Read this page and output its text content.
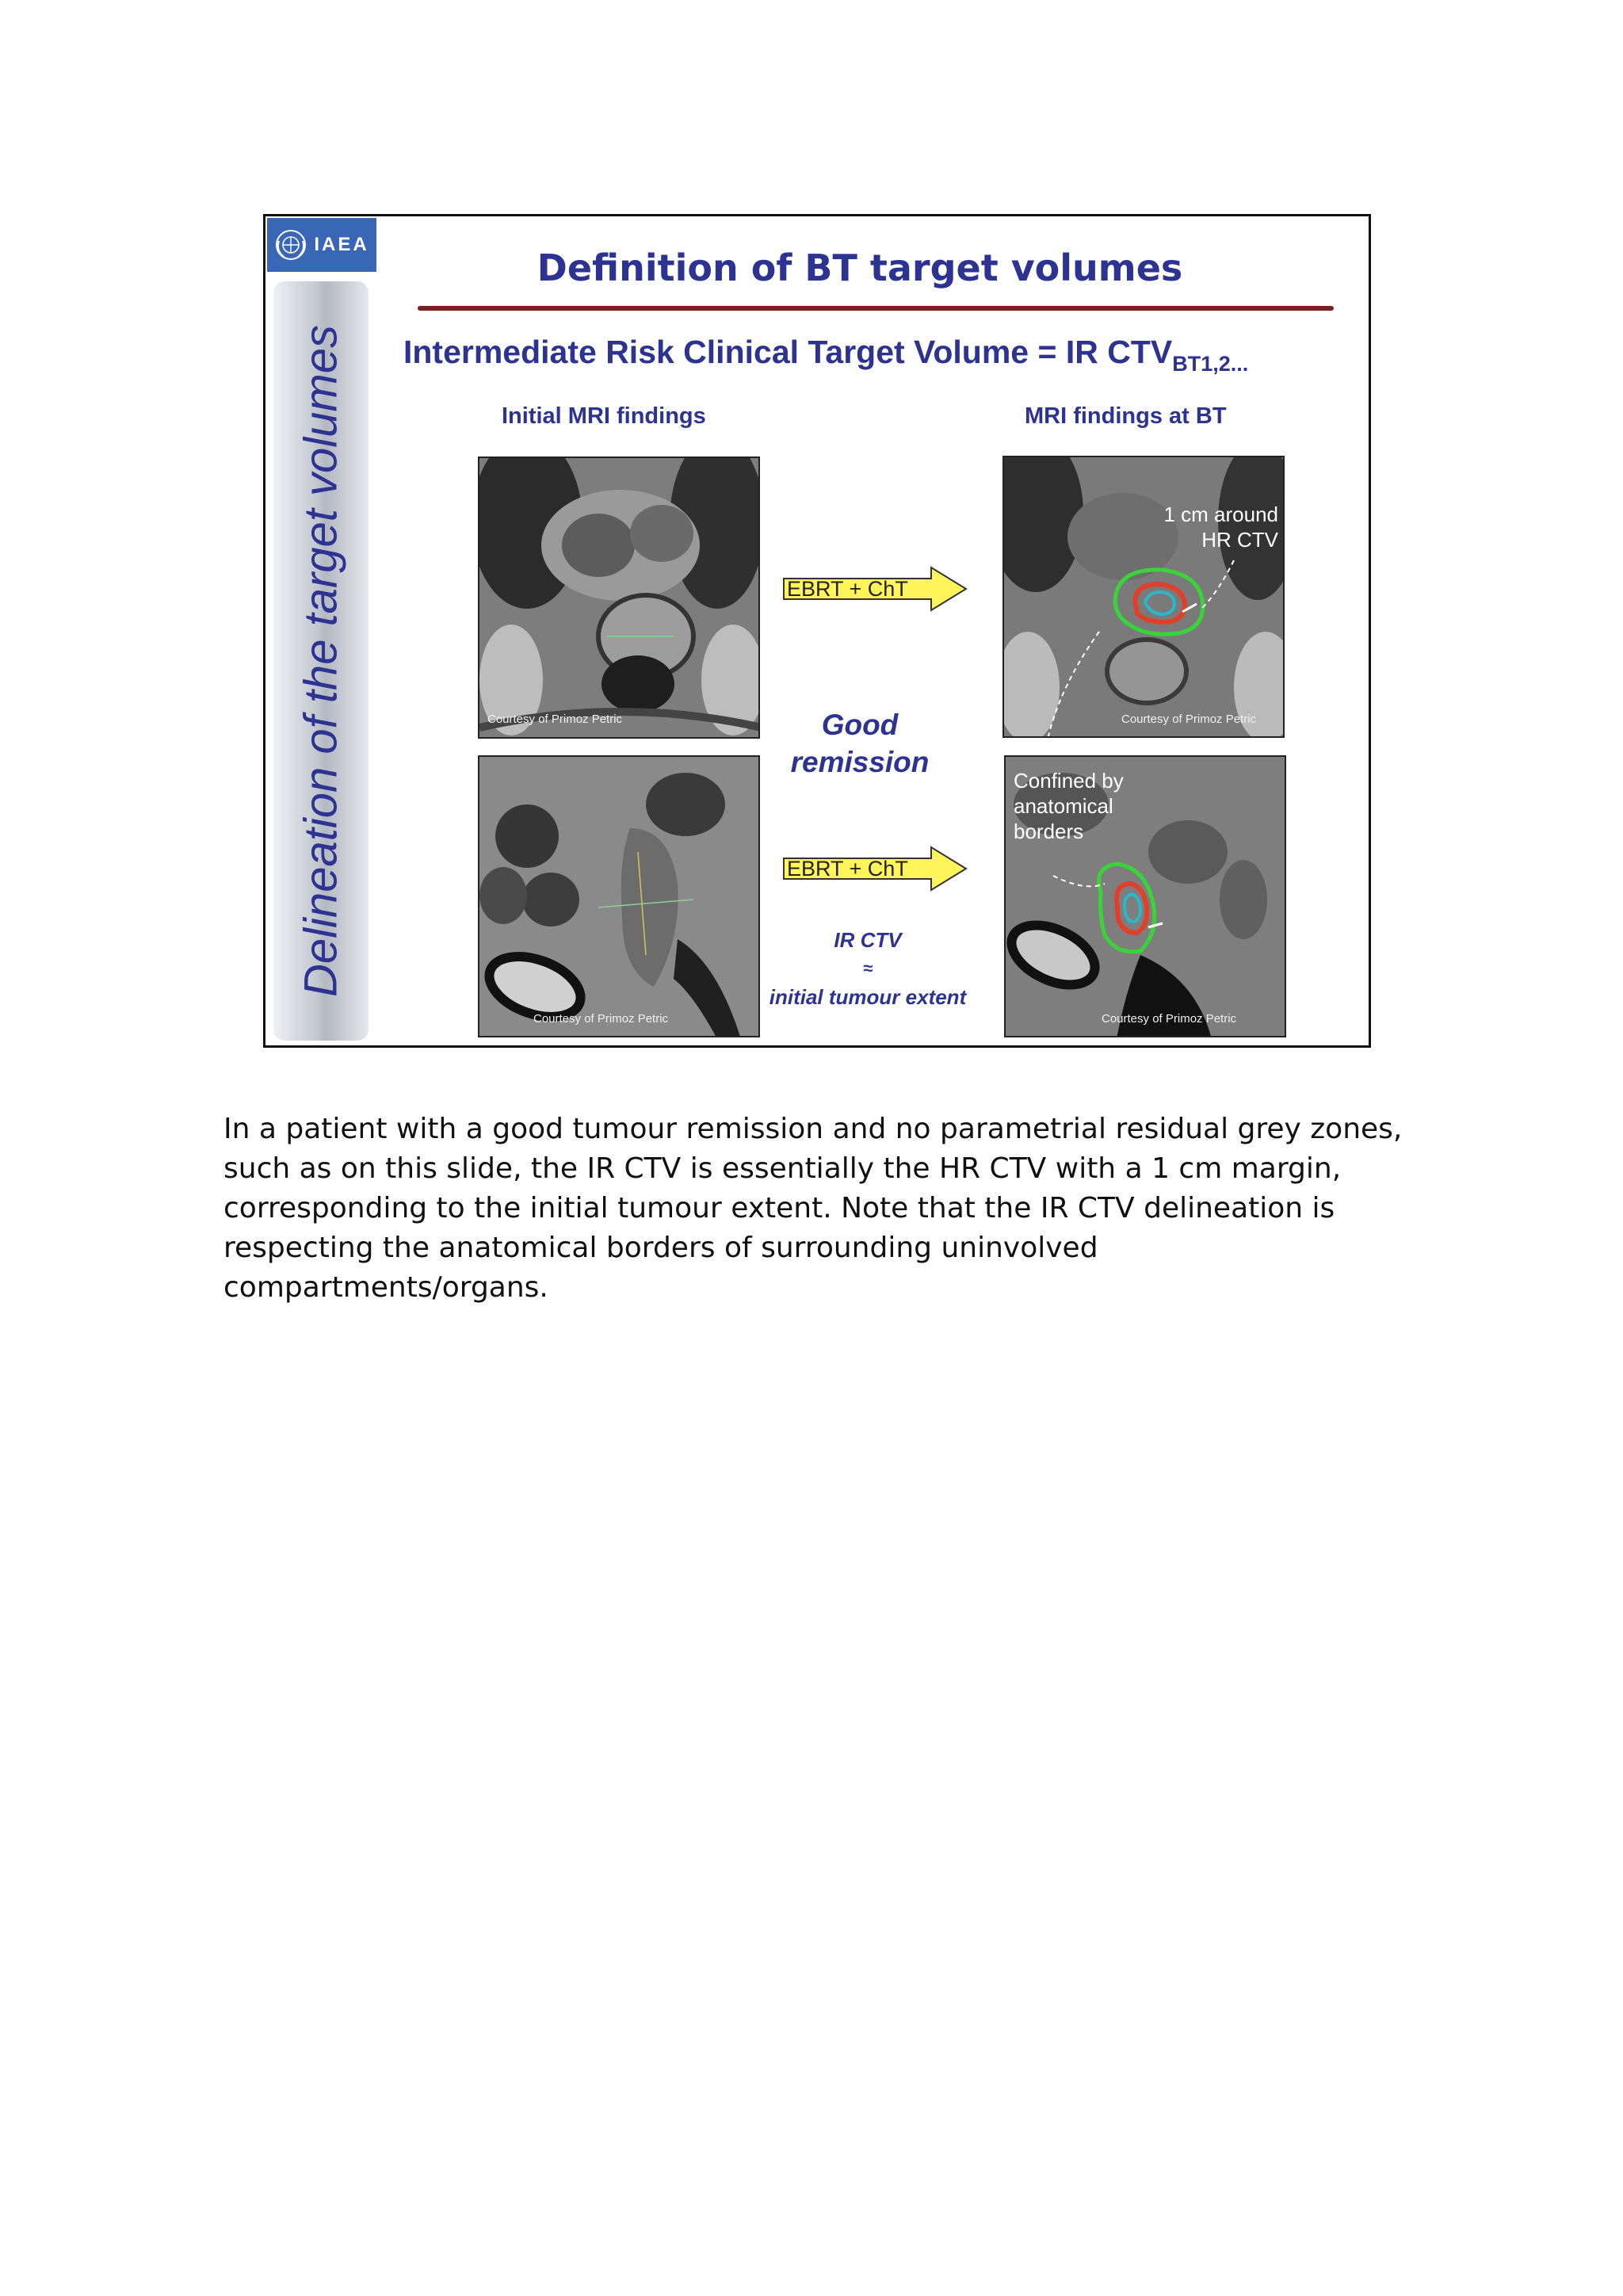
IAEA
Delineation of the target volumes
Definition of BT target volumes
Intermediate Risk Clinical Target Volume = IR $CTV_{BT1,2...}$
Initial MRI findings	MRI findings at BT
Courtesy of Primoz Petric
1 cm around HR CTV
Courtesy of Primoz Petric
Courtesy of Primoz Petric
Confined by anatomical borders
Courtesy of Primoz Petric
EBRT + ChT
EBRT + ChT
Good remission
IR CTV
≈
initial tumour extent

In a patient with a good tumour remission and no parametrial residual grey zones, such as on this slide, the IR CTV is essentially the HR CTV with a 1 cm margin, corresponding to the initial tumour extent. Note that the IR CTV delineation is respecting the anatomical borders of surrounding uninvolved compartments/organs.
